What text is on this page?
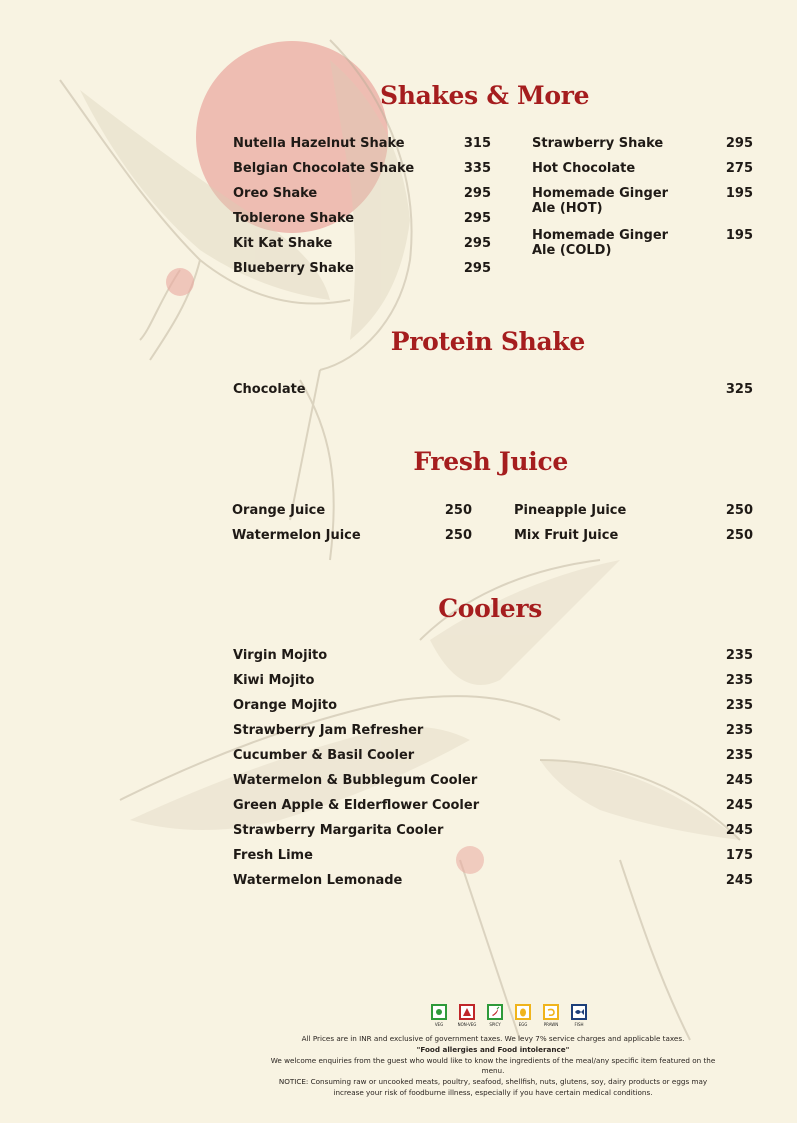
Shakes & More
Nutella Hazelnut Shake	315
Belgian Chocolate Shake	335
Oreo Shake	295
Toblerone Shake	295
Kit Kat Shake	295
Blueberry Shake	295
Strawberry Shake	295
Hot Chocolate	275
Homemade Ginger
Ale (HOT)
195
Homemade Ginger
Ale (COLD)
195
Protein Shake
Chocolate	325
Fresh Juice
Orange Juice	250
Watermelon Juice	250
Pineapple Juice	250
Mix Fruit Juice	250
Coolers
Virgin Mojito	235
Kiwi Mojito	235
Orange Mojito	235
Strawberry Jam Refresher	235
Cucumber & Basil Cooler	235
Watermelon & Bubblegum Cooler	245
Green Apple & Elderflower Cooler	245
Strawberry Margarita Cooler	245
Fresh Lime	175
Watermelon Lemonade	245
VEG	NON-VEG	SPICY	EGG	PRAWN	FISH

All Prices are in INR and exclusive of government taxes. We levy 7% service charges and applicable taxes.

"Food allergies and Food intolerance"

We welcome enquiries from the guest who would like to know the ingredients of the meal/any specific item featured on the menu.

NOTICE: Consuming raw or uncooked meats, poultry, seafood, shellfish, nuts, glutens, soy, dairy products or eggs may increase your risk of foodburne illness, especially if you have certain medical conditions.
